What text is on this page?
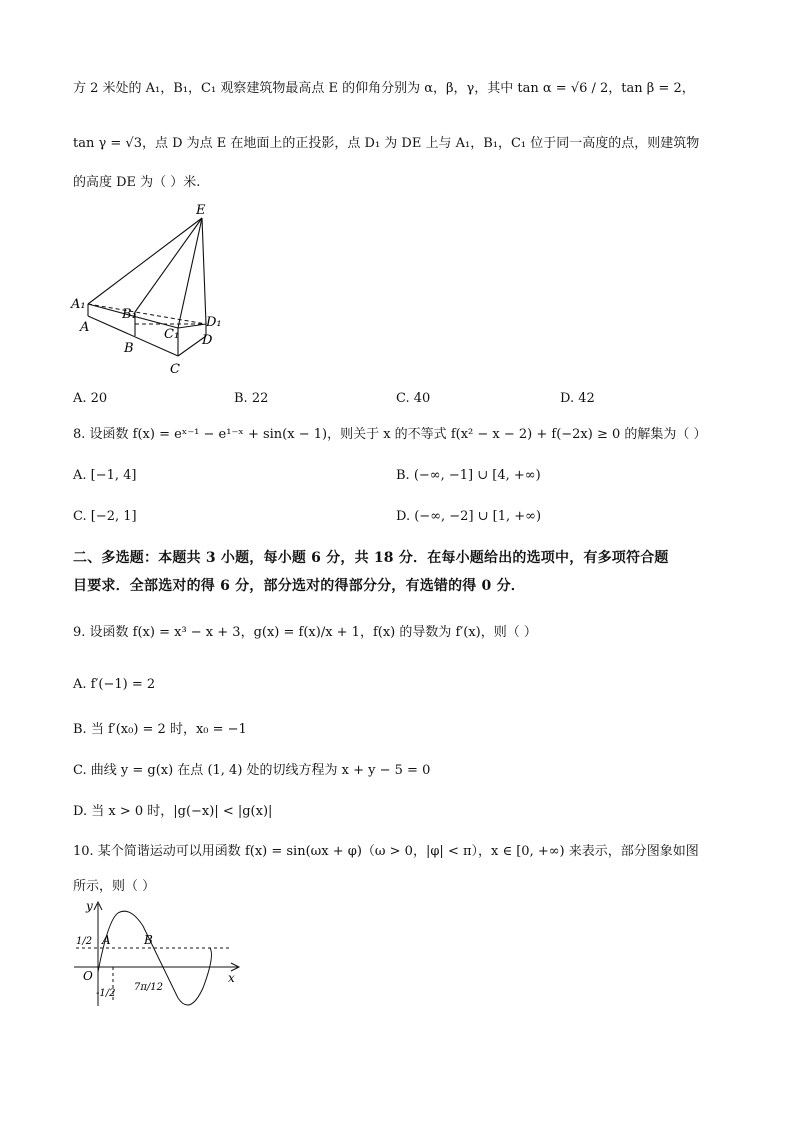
方 2 米处的 A₁，B₁，C₁ 观察建筑物最高点 E 的仰角分别为 α，β，γ，其中 tan α = √6 / 2，tan β = 2，
tan γ = √3，点 D 为点 E 在地面上的正投影，点 D₁ 为 DE 上与 A₁，B₁，C₁ 位于同一高度的点，则建筑物
的高度 DE 为（ ）米.
E
A₁
A
B₁
B
C₁
C
D₁
D
A. 20	B. 22	C. 40	D. 42
8. 设函数 f(x) = eˣ⁻¹ − e¹⁻ˣ + sin(x − 1)，则关于 x 的不等式 f(x² − x − 2) + f(−2x) ≥ 0 的解集为（ ）
A. [−1, 4]	B. (−∞, −1] ∪ [4, +∞)
C. [−2, 1]	D. (−∞, −2] ∪ [1, +∞)
二、多选题：本题共 3 小题，每小题 6 分，共 18 分．在每小题给出的选项中，有多项符合题
目要求．全部选对的得 6 分，部分选对的得部分分，有选错的得 0 分．
9. 设函数 f(x) = x³ − x + 3，g(x) = f(x)/x + 1，f(x) 的导数为 f′(x)，则（ ）
A. f′(−1) = 2
B. 当 f′(x₀) = 2 时，x₀ = −1
C. 曲线 y = g(x) 在点 (1, 4) 处的切线方程为 x + y − 5 = 0
D. 当 x > 0 时，|g(−x)| < |g(x)|
10. 某个简谐运动可以用函数 f(x) = sin(ωx + φ)（ω > 0，|φ| < π），x ∈ [0, +∞) 来表示，部分图象如图
所示，则（ ）
y
x
O
1/2 A	B
-1/2
7π/12
